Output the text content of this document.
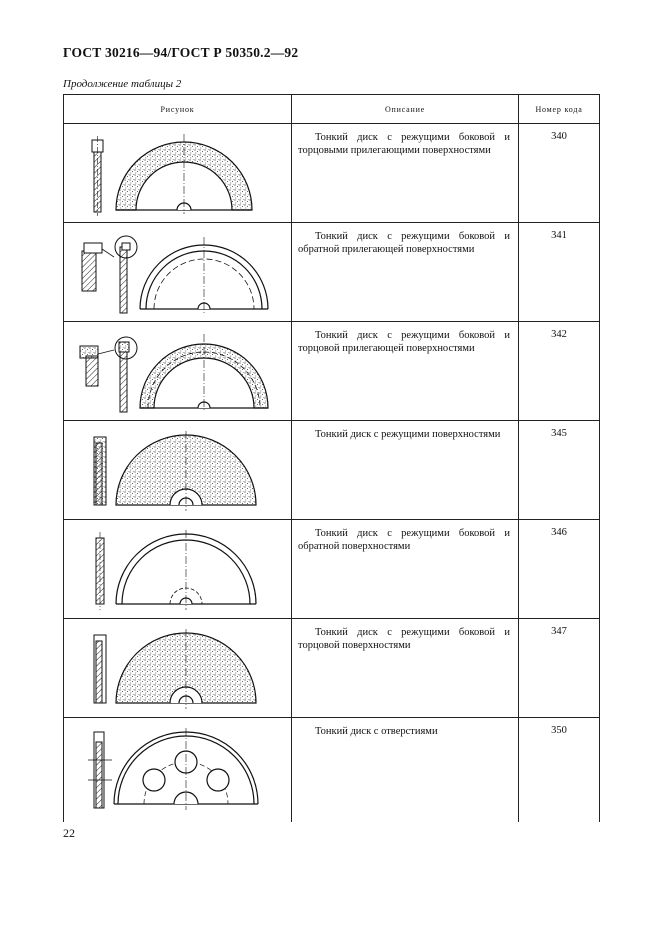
ГОСТ 30216—94/ГОСТ Р 50350.2—92
Продолжение таблицы 2
Рисунок	Описание	Номер кода

Тонкий диск с режущими боковой и торцовыми прилегающими поверхностями	340

Тонкий диск с режущими боковой и обратной прилегающей поверхностями	341

Тонкий диск с режущими боковой и торцовой прилегающей поверхностями	342

Тонкий диск с режущими поверхностями	345

Тонкий диск с режущими боковой и обратной поверхностями	346

Тонкий диск с режущими боковой и торцовой поверхностями	347

Тонкий диск с отверстиями	350
22
